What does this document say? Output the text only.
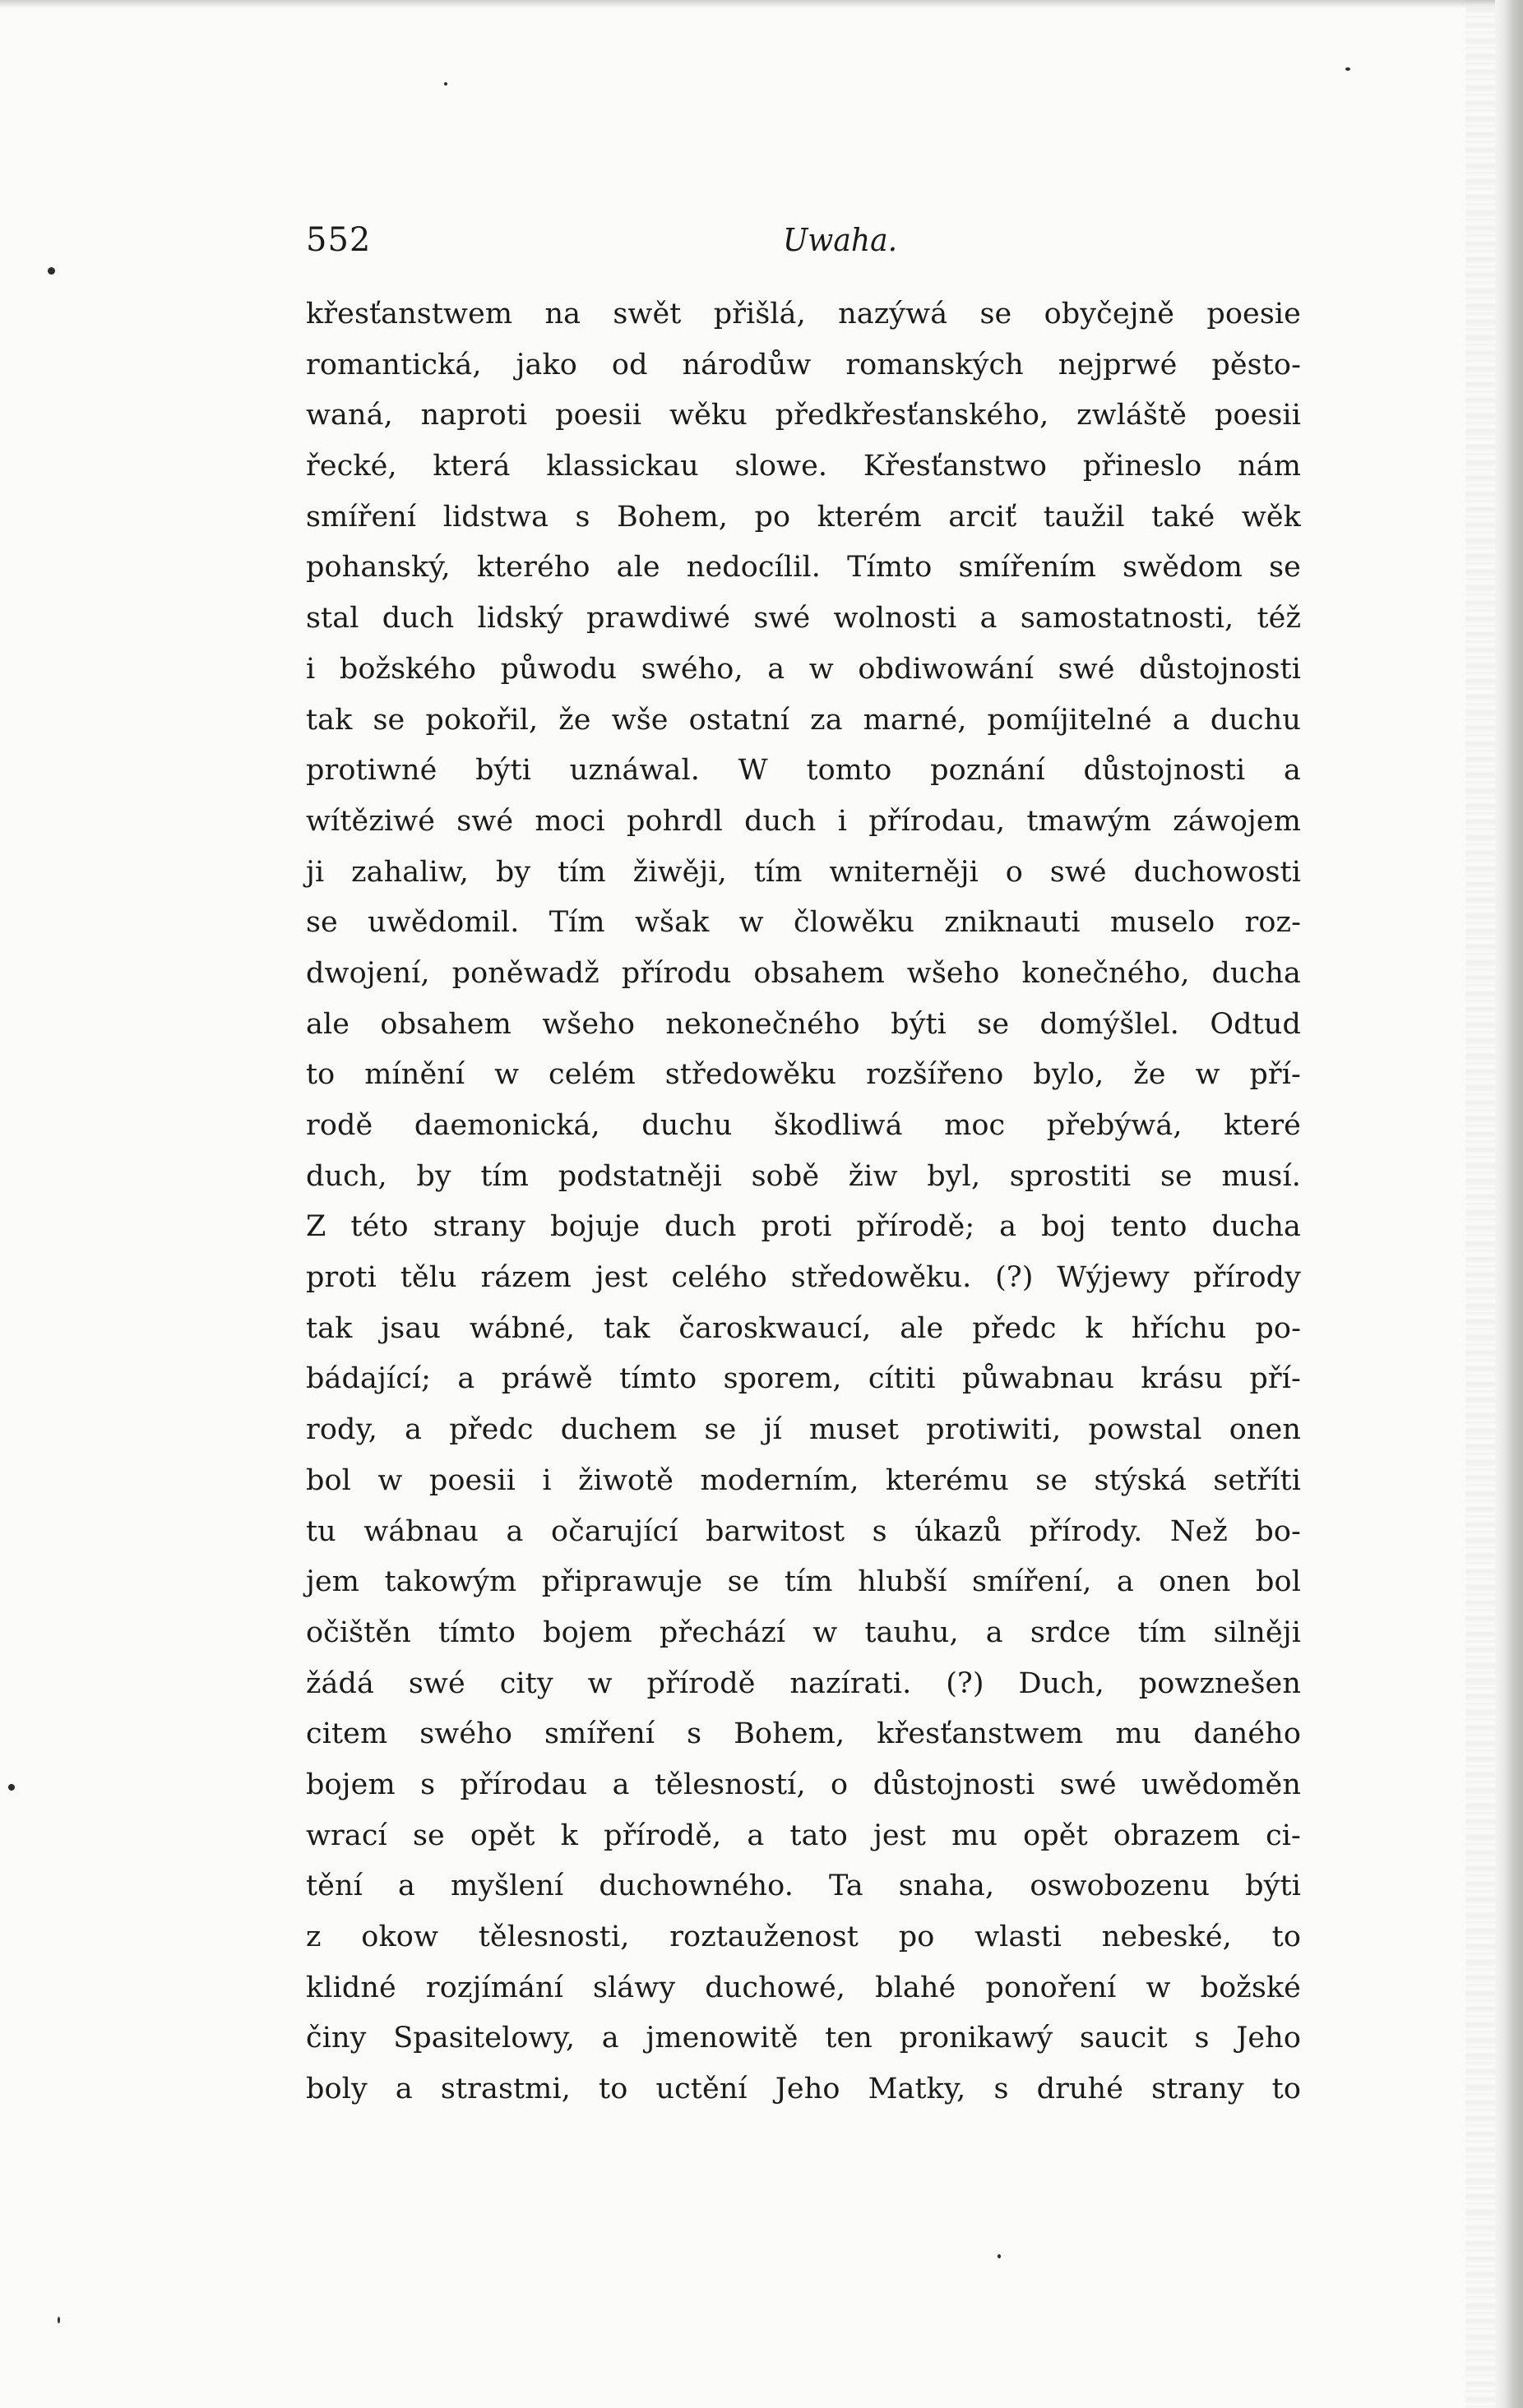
552	Uwaha.
křesťanstwem na swět přišlá, nazýwá se obyčejně poesie
romantická, jako od národůw romanských nejprwé pěsto-
waná, naproti poesii wěku předkřesťanského, zwláště poesii
řecké, která klassickau slowe. Křesťanstwo přineslo nám
smíření lidstwa s Bohem, po kterém arciť taužil také wěk
pohanský, kterého ale nedocílil. Tímto smířením swědom se
stal duch lidský prawdiwé swé wolnosti a samostatnosti, též
i božského půwodu swého, a w obdiwowání swé důstojnosti
tak se pokořil, že wše ostatní za marné, pomíjitelné a duchu
protiwné býti uznáwal. W tomto poznání důstojnosti a
wítěziwé swé moci pohrdl duch i přírodau, tmawým záwojem
ji zahaliw, by tím žiwěji, tím wniterněji o swé duchowosti
se uwědomil. Tím wšak w člowěku zniknauti muselo roz-
dwojení, poněwadž přírodu obsahem wšeho konečného, ducha
ale obsahem wšeho nekonečného býti se domýšlel. Odtud
to mínění w celém středowěku rozšířeno bylo, že w pří-
rodě daemonická, duchu škodliwá moc přebýwá, které
duch, by tím podstatněji sobě žiw byl, sprostiti se musí.
Z této strany bojuje duch proti přírodě; a boj tento ducha
proti tělu rázem jest celého středowěku. (?) Wýjewy přírody
tak jsau wábné, tak čaroskwaucí, ale předc k hříchu po-
bádající; a práwě tímto sporem, cítiti půwabnau krásu pří-
rody, a předc duchem se jí muset protiwiti, powstal onen
bol w poesii i žiwotě moderním, kterému se stýská setříti
tu wábnau a očarující barwitost s úkazů přírody. Než bo-
jem takowým připrawuje se tím hlubší smíření, a onen bol
očištěn tímto bojem přechází w tauhu, a srdce tím silněji
žádá swé city w přírodě nazírati. (?) Duch, powznešen
citem swého smíření s Bohem, křesťanstwem mu daného
bojem s přírodau a tělesností, o důstojnosti swé uwědoměn
wrací se opět k přírodě, a tato jest mu opět obrazem ci-
tění a myšlení duchowného. Ta snaha, oswobozenu býti
z okow tělesnosti, roztauženost po wlasti nebeské, to
klidné rozjímání sláwy duchowé, blahé ponoření w božské
činy Spasitelowy, a jmenowitě ten pronikawý saucit s Jeho
boly a strastmi, to uctění Jeho Matky, s druhé strany to
